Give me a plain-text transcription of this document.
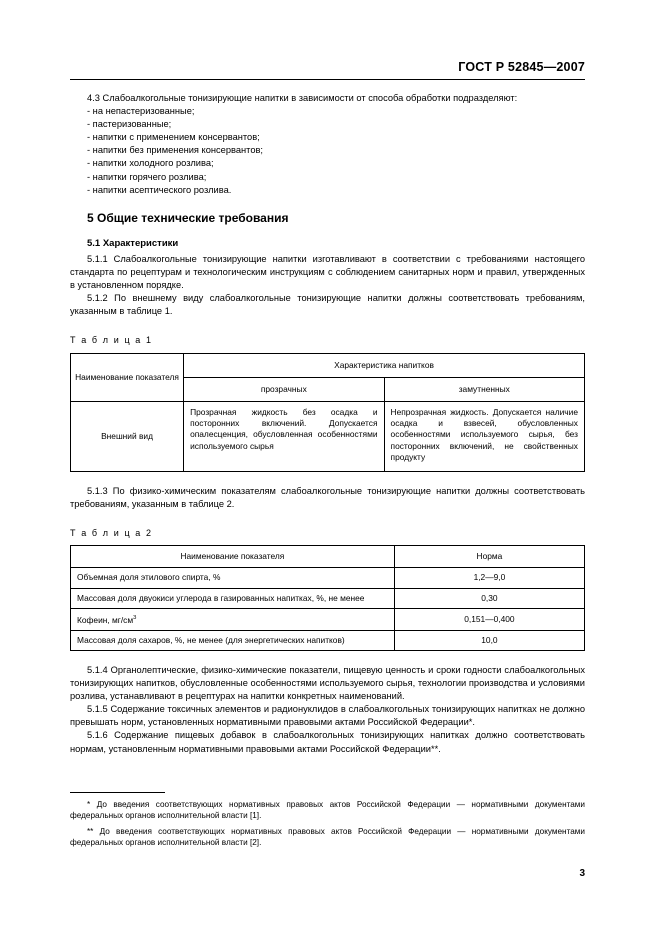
ГОСТ Р 52845—2007

4.3 Слабоалкогольные тонизирующие напитки в зависимости от способа обработки подразделяют:

- на непастеризованные;

- пастеризованные;

- напитки с применением консервантов;

- напитки без применения консервантов;

- напитки холодного розлива;

- напитки горячего розлива;

- напитки асептического розлива.

5 Общие технические требования

5.1 Характеристики

5.1.1 Слабоалкогольные тонизирующие напитки изготавливают в соответствии с требованиями настоящего стандарта по рецептурам и технологическим инструкциям с соблюдением санитарных норм и правил, утвержденных в установленном порядке.

5.1.2 По внешнему виду слабоалкогольные тонизирующие напитки должны соответствовать требованиям, указанным в таблице 1.

Т а б л и ц а 1

Наименование показателя	Характеристика напитков	
	прозрачных	замутненных
Внешний вид	Прозрачная жидкость без осадка и посторонних включений. Допускается опалесценция, обусловленная особенностями используемого сырья	Непрозрачная жидкость. Допускается наличие осадка и взвесей, обусловленных особенностями используемого сырья, без посторонних включений, не свойственных продукту

5.1.3 По физико-химическим показателям слабоалкогольные тонизирующие напитки должны соответствовать требованиям, указанным в таблице 2.

Т а б л и ц а 2

Наименование показателя	Норма
Объемная доля этилового спирта, %	1,2—9,0
Массовая доля двуокиси углерода в газированных напитках, %, не менее	0,30
Кофеин, $мг/см^3$	0,151—0,400
Массовая доля сахаров, %, не менее (для энергетических напитков)	10,0

5.1.4 Органолептические, физико-химические показатели, пищевую ценность и сроки годности слабоалкогольных тонизирующих напитков, обусловленные особенностями используемого сырья, технологии производства и условиями розлива, устанавливают в рецептурах на напитки конкретных наименований.

5.1.5 Содержание токсичных элементов и радионуклидов в слабоалкогольных тонизирующих напитках не должно превышать норм, установленных нормативными правовыми актами Российской Федерации*.

5.1.6 Содержание пищевых добавок в слабоалкогольных тонизирующих напитках должно соответствовать нормам, установленным нормативными правовыми актами Российской Федерации**.

* До введения соответствующих нормативных правовых актов Российской Федерации — нормативными документами федеральных органов исполнительной власти [1].

** До введения соответствующих нормативных правовых актов Российской Федерации — нормативными документами федеральных органов исполнительной власти [2].

3
